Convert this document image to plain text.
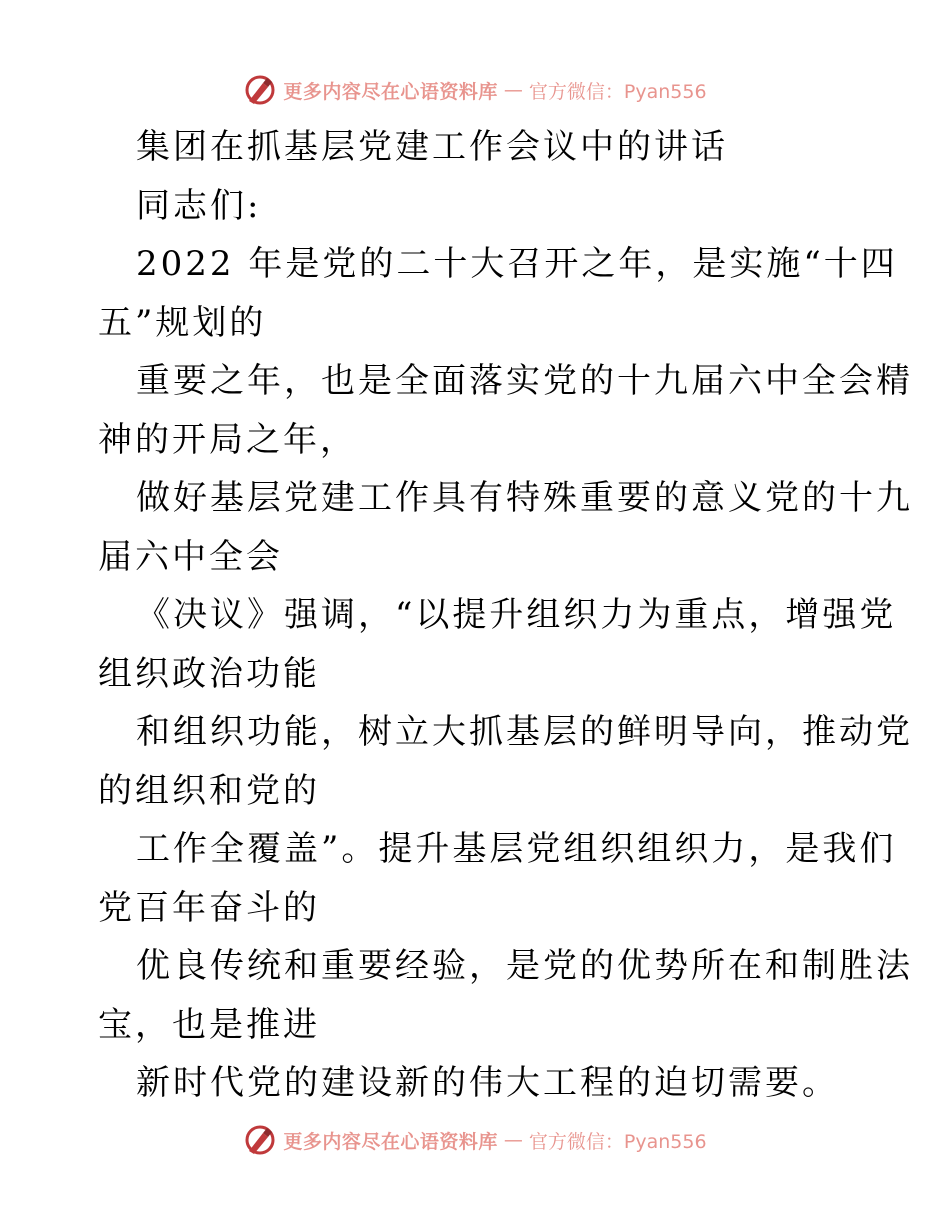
更多内容尽在心语资料库 — 官方微信：Pyan556
集团在抓基层党建工作会议中的讲话
同志们:
2022 年是党的二十大召开之年，是实施“十四
五”规划的
重要之年，也是全面落实党的十九届六中全会精
神的开局之年，
做好基层党建工作具有特殊重要的意义党的十九
届六中全会
《决议》强调，“以提升组织力为重点，增强党
组织政治功能
和组织功能，树立大抓基层的鲜明导向，推动党
的组织和党的
工作全覆盖”。提升基层党组织组织力，是我们
党百年奋斗的
优良传统和重要经验，是党的优势所在和制胜法
宝，也是推进
新时代党的建设新的伟大工程的迫切需要。
更多内容尽在心语资料库 — 官方微信：Pyan556
